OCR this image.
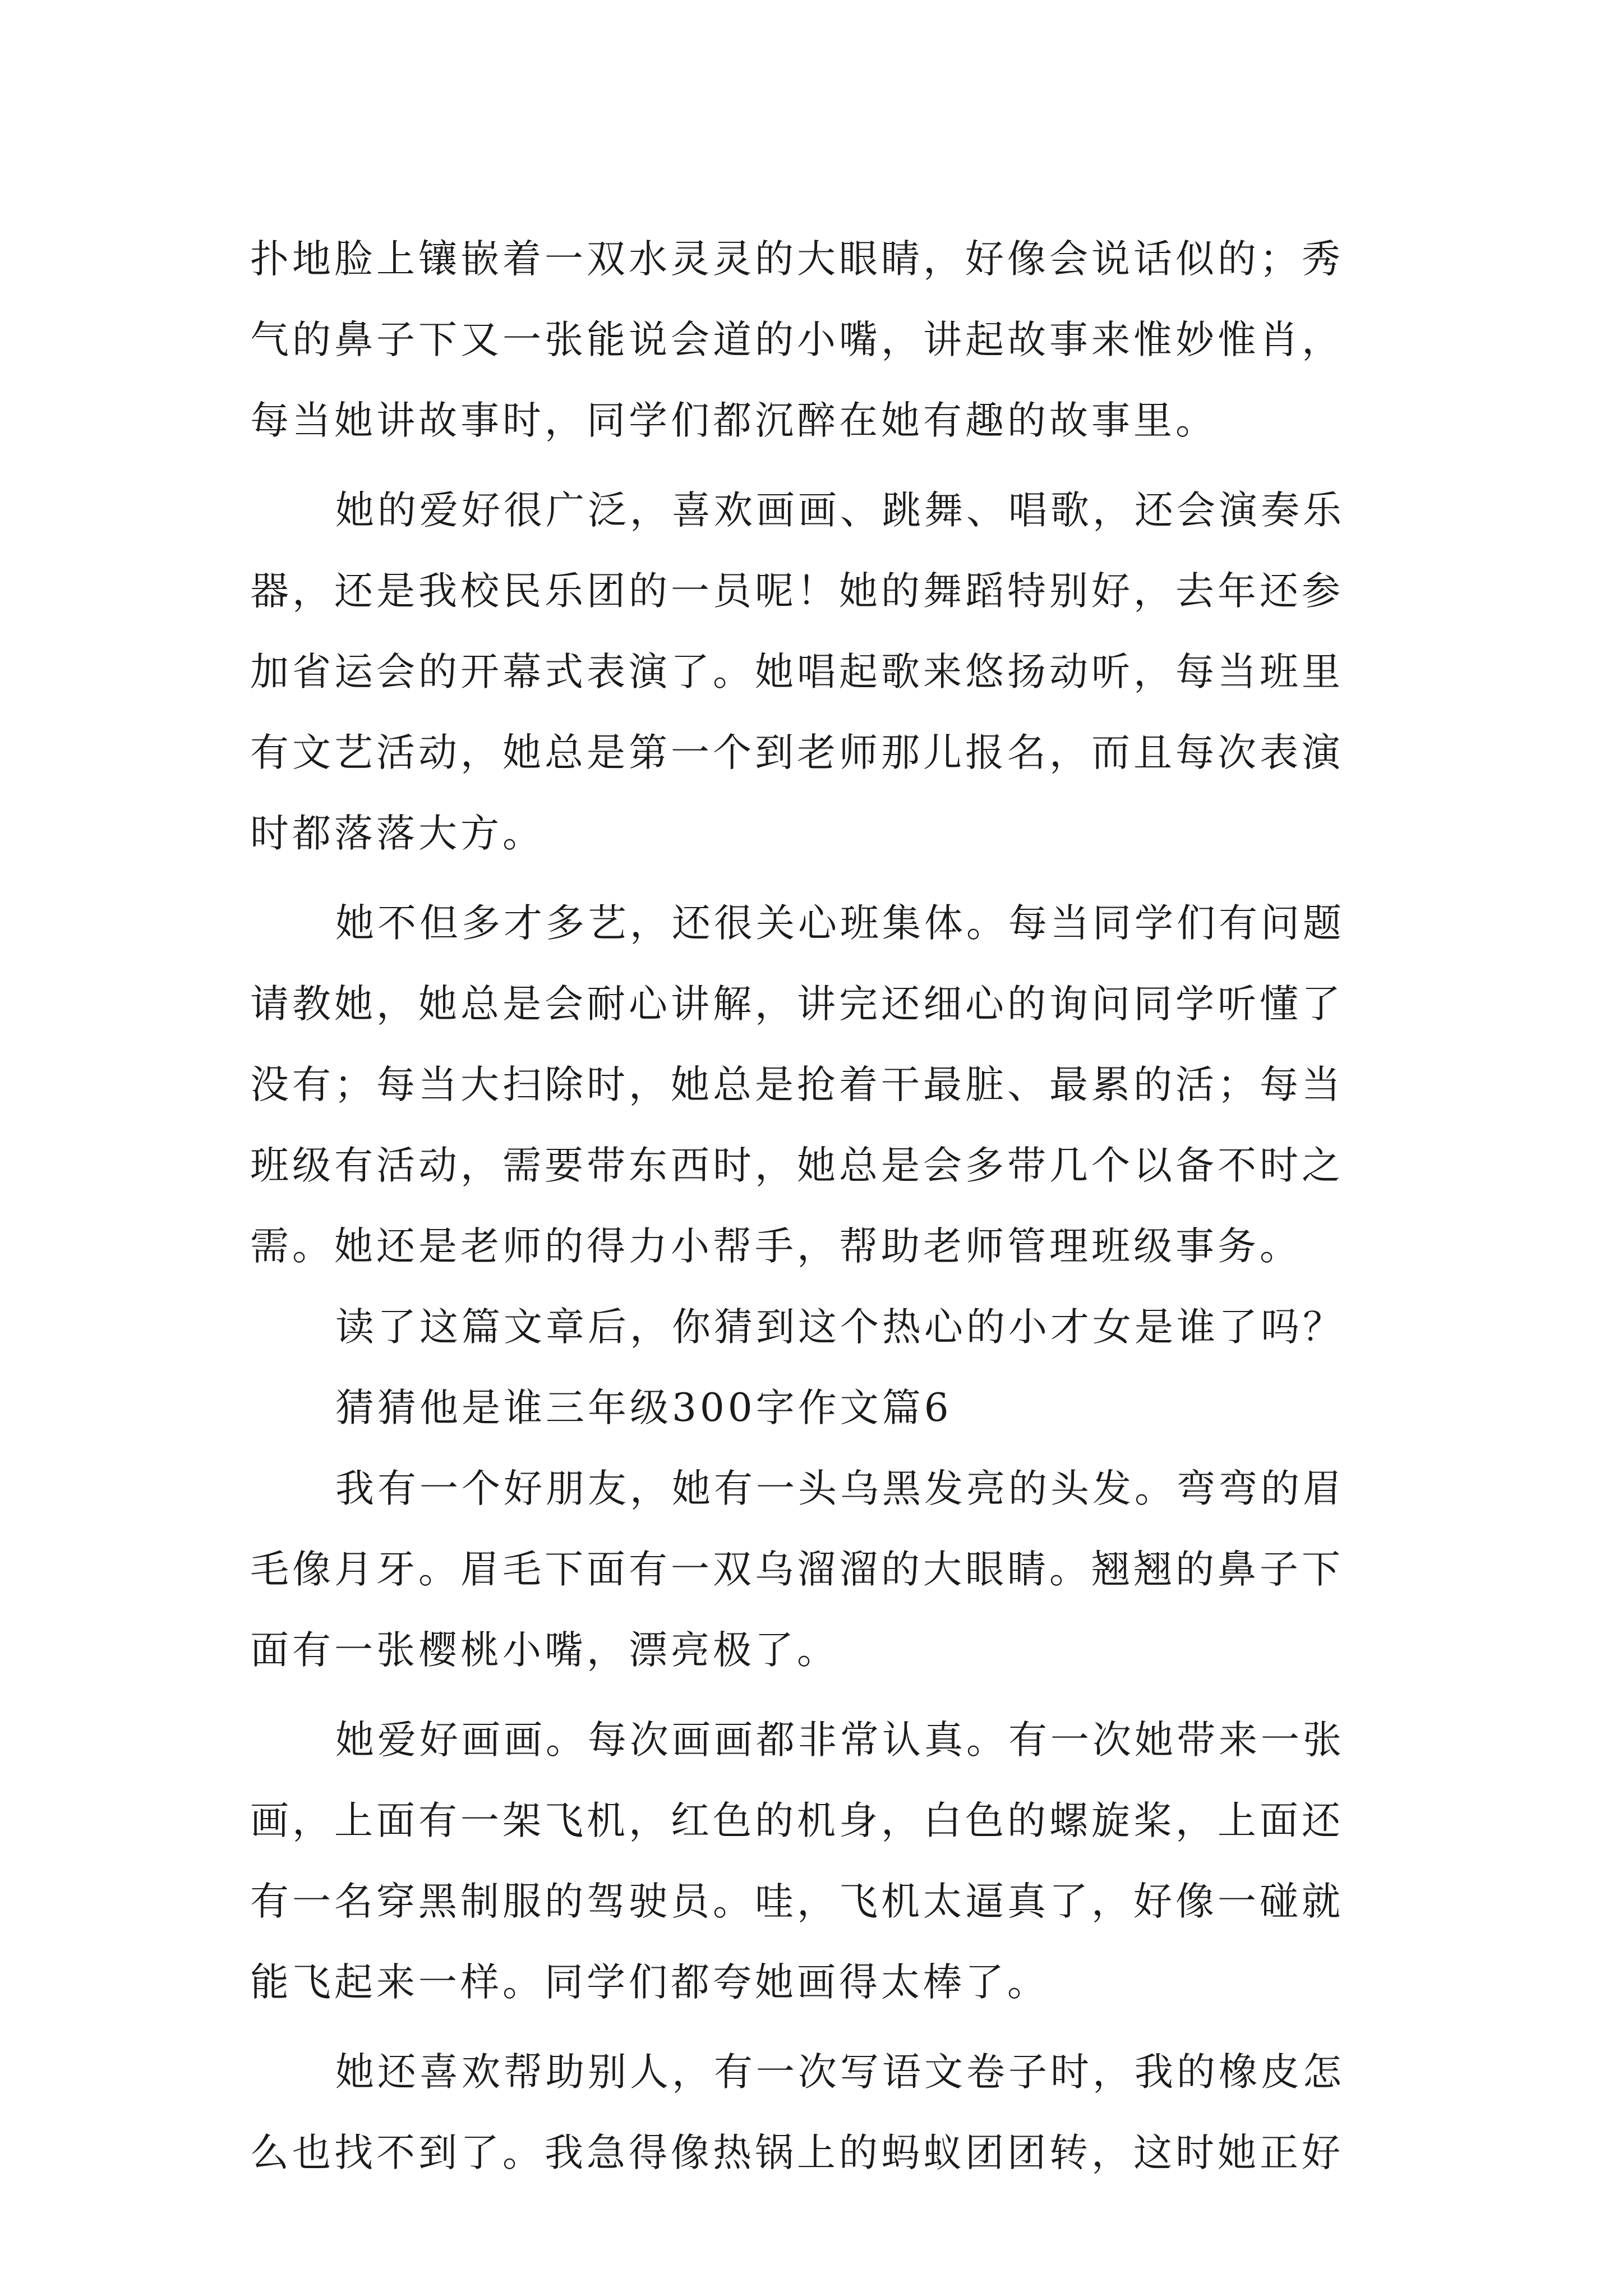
扑地脸上镶嵌着一双水灵灵的大眼睛，好像会说话似的；秀
气的鼻子下又一张能说会道的小嘴，讲起故事来惟妙惟肖，
每当她讲故事时，同学们都沉醉在她有趣的故事里。
她的爱好很广泛，喜欢画画、跳舞、唱歌，还会演奏乐
器，还是我校民乐团的一员呢！她的舞蹈特别好，去年还参
加省运会的开幕式表演了。她唱起歌来悠扬动听，每当班里
有文艺活动，她总是第一个到老师那儿报名，而且每次表演
时都落落大方。
她不但多才多艺，还很关心班集体。每当同学们有问题
请教她，她总是会耐心讲解，讲完还细心的询问同学听懂了
没有；每当大扫除时，她总是抢着干最脏、最累的活；每当
班级有活动，需要带东西时，她总是会多带几个以备不时之
需。她还是老师的得力小帮手，帮助老师管理班级事务。
读了这篇文章后，你猜到这个热心的小才女是谁了吗？
猜猜他是谁三年级300字作文篇6
我有一个好朋友，她有一头乌黑发亮的头发。弯弯的眉
毛像月牙。眉毛下面有一双乌溜溜的大眼睛。翘翘的鼻子下
面有一张樱桃小嘴，漂亮极了。
她爱好画画。每次画画都非常认真。有一次她带来一张
画，上面有一架飞机，红色的机身，白色的螺旋桨，上面还
有一名穿黑制服的驾驶员。哇，飞机太逼真了，好像一碰就
能飞起来一样。同学们都夸她画得太棒了。
她还喜欢帮助别人，有一次写语文卷子时，我的橡皮怎
么也找不到了。我急得像热锅上的蚂蚁团团转，这时她正好
